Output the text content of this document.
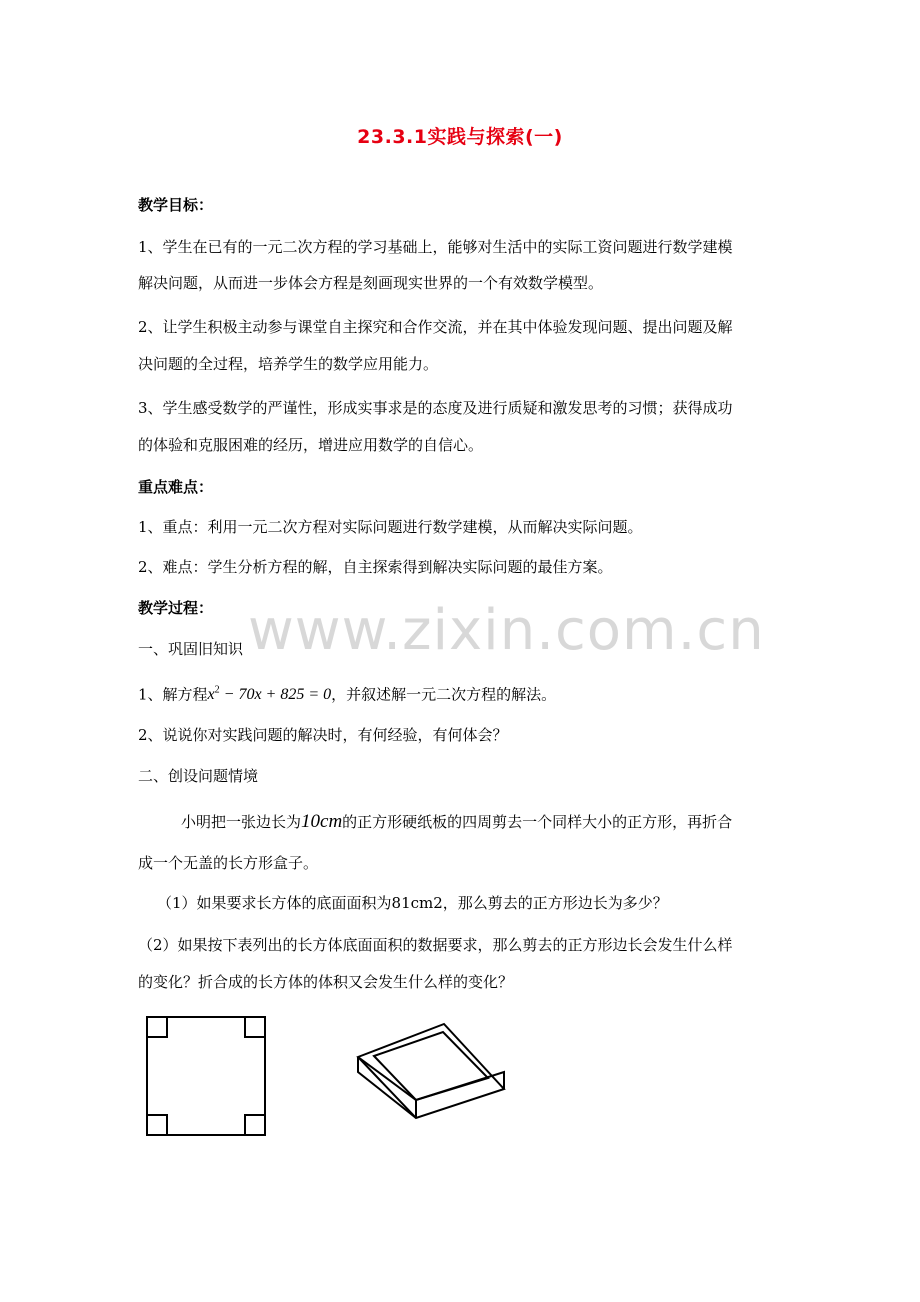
23.3.1实践与探索(一)
教学目标：
1、学生在已有的一元二次方程的学习基础上，能够对生活中的实际工资问题进行数学建模
解决问题，从而进一步体会方程是刻画现实世界的一个有效数学模型。
2、让学生积极主动参与课堂自主探究和合作交流，并在其中体验发现问题、提出问题及解
决问题的全过程，培养学生的数学应用能力。
3、学生感受数学的严谨性，形成实事求是的态度及进行质疑和激发思考的习惯；获得成功
的体验和克服困难的经历，增进应用数学的自信心。
重点难点：
1、重点：利用一元二次方程对实际问题进行数学建模，从而解决实际问题。
2、难点：学生分析方程的解，自主探索得到解决实际问题的最佳方案。
www.zixin.com.cn
教学过程：
一、巩固旧知识
1、解方程$x^2 - 70x + 825 = 0$，并叙述解一元二次方程的解法。
2、说说你对实践问题的解决时，有何经验，有何体会？
二、创设问题情境
小明把一张边长为10cm的正方形硬纸板的四周剪去一个同样大小的正方形，再折合
成一个无盖的长方形盒子。
（1）如果要求长方体的底面面积为81cm2，那么剪去的正方形边长为多少？
（2）如果按下表列出的长方体底面面积的数据要求，那么剪去的正方形边长会发生什么样
的变化？折合成的长方体的体积又会发生什么样的变化？
